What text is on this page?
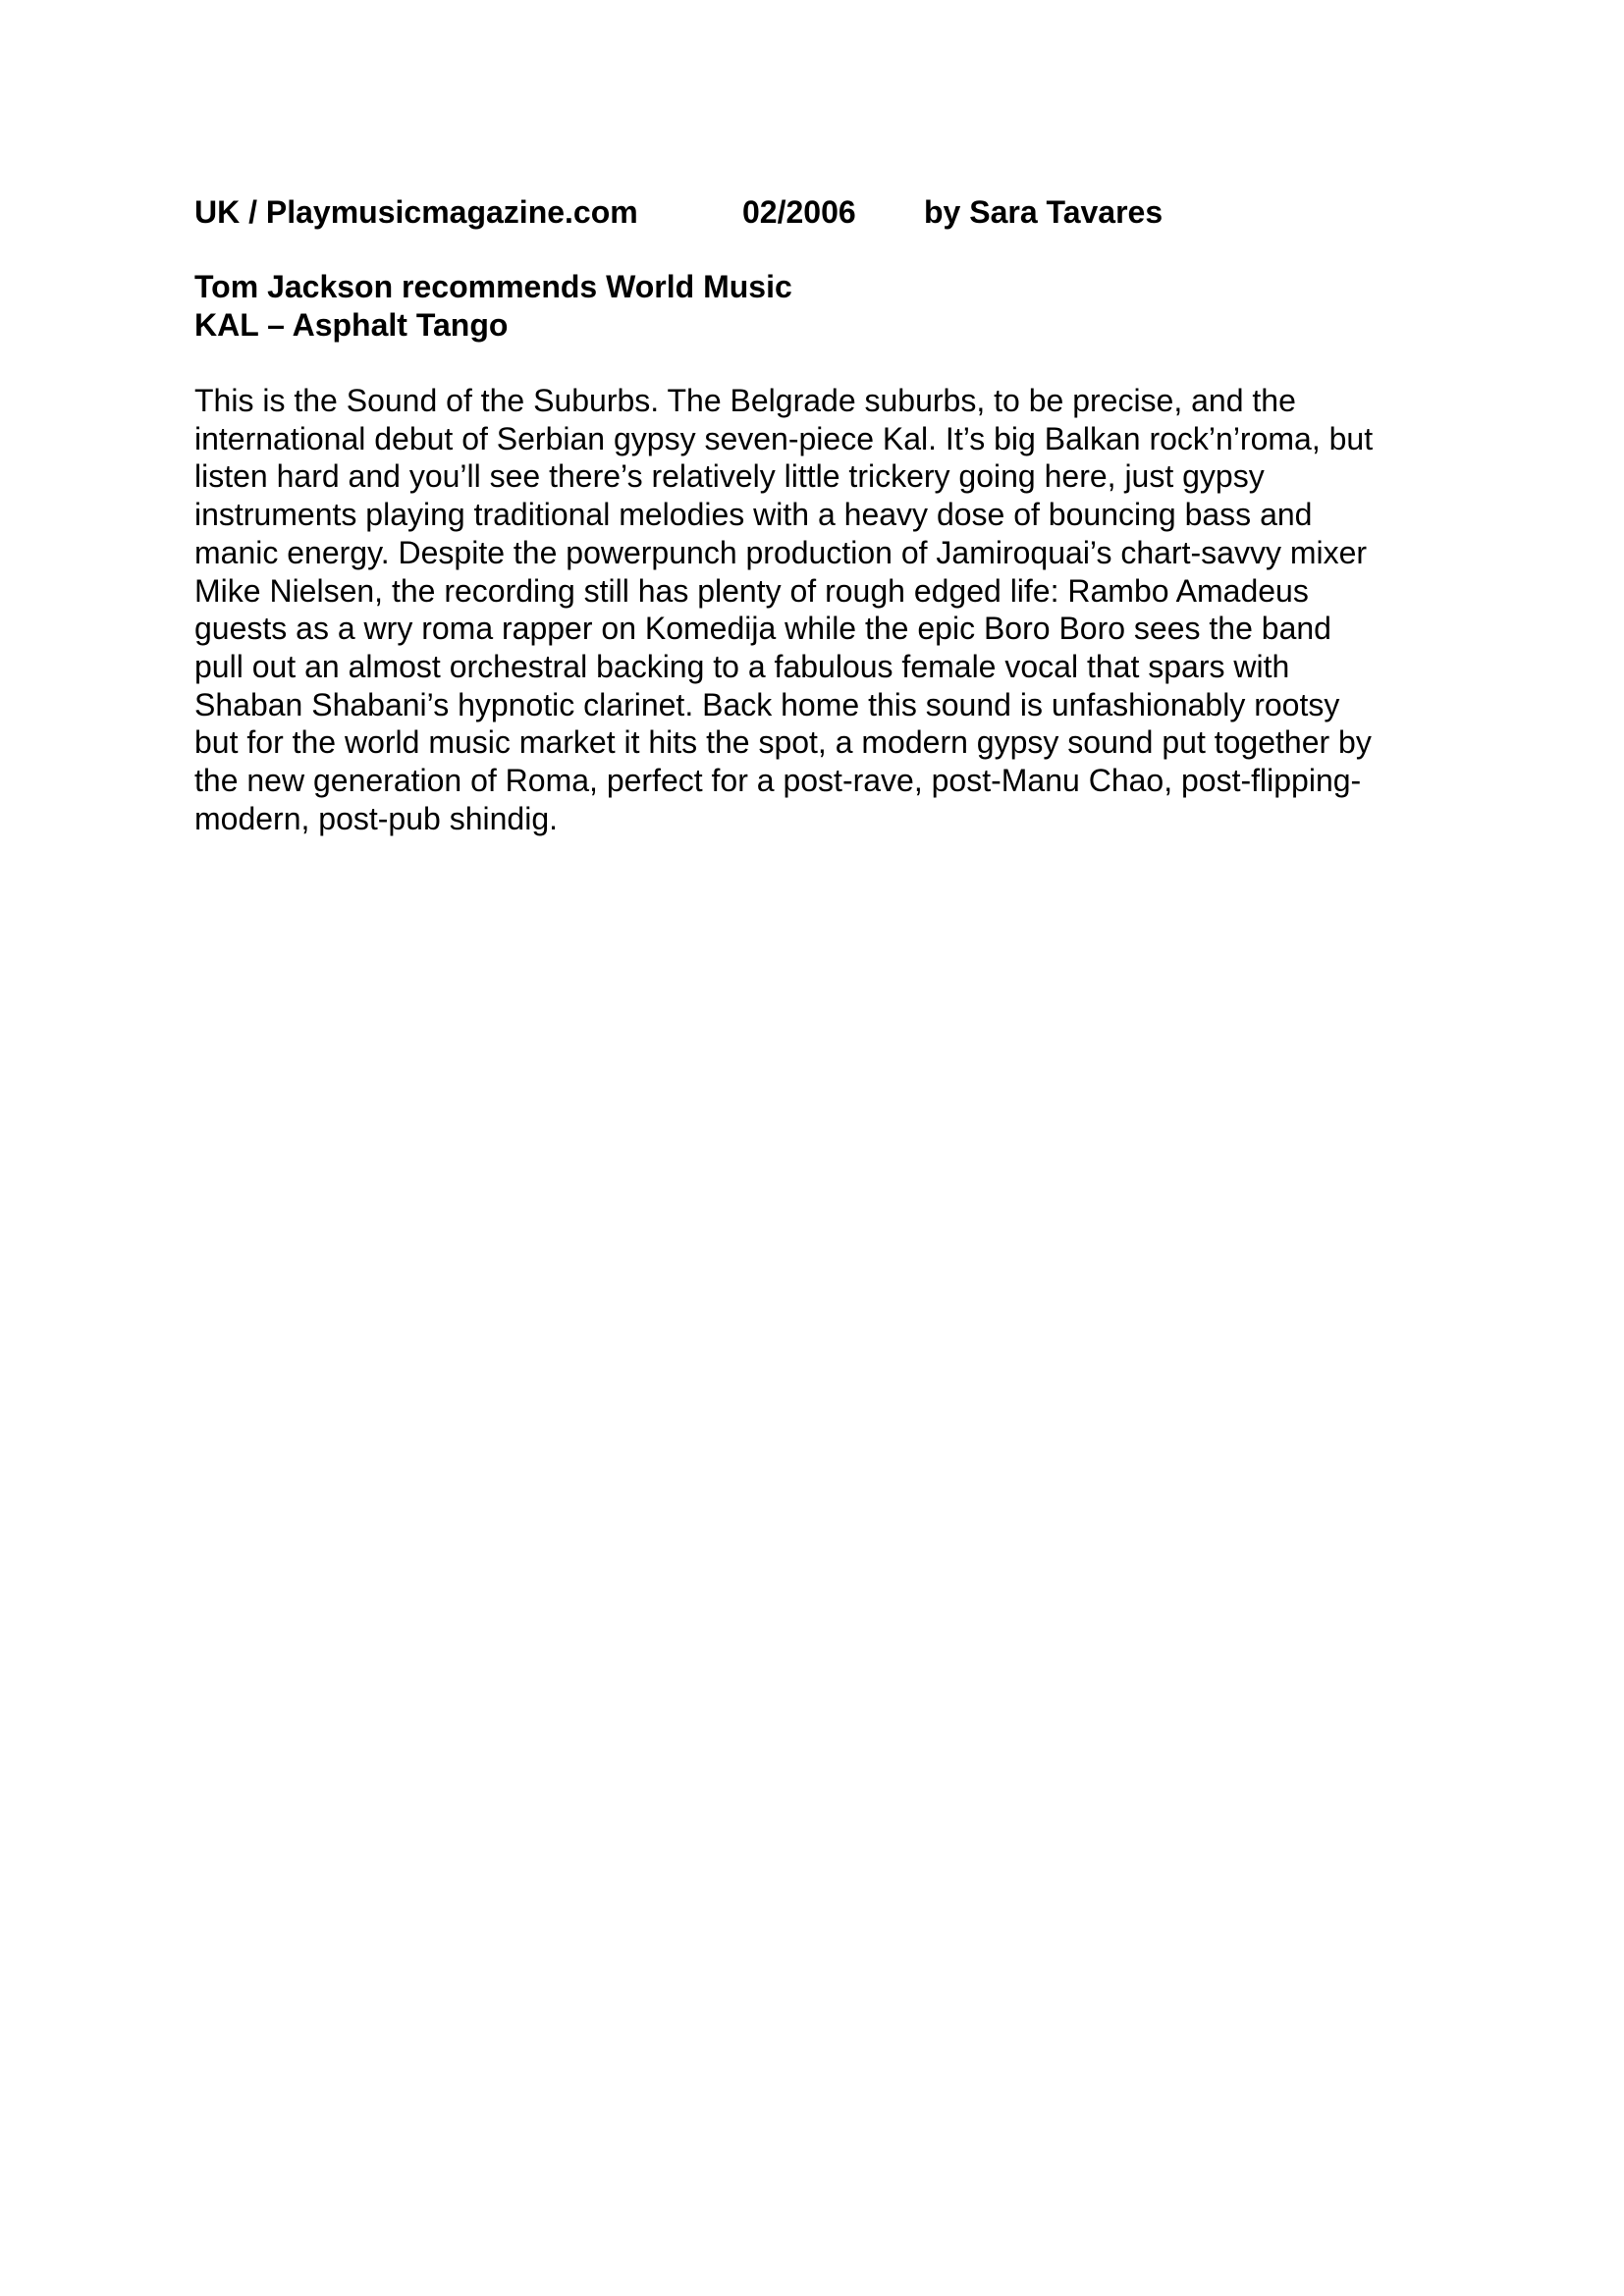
UK / Playmusicmagazine.com	02/2006 by Sara Tavares
Tom Jackson recommends World Music
KAL – Asphalt Tango
This is the Sound of the Suburbs. The Belgrade suburbs, to be precise, and the
international debut of Serbian gypsy seven-piece Kal. It’s big Balkan rock’n’roma, but
listen hard and you’ll see there’s relatively little trickery going here, just gypsy
instruments playing traditional melodies with a heavy dose of bouncing bass and
manic energy. Despite the powerpunch production of Jamiroquai’s chart-savvy mixer
Mike Nielsen, the recording still has plenty of rough edged life: Rambo Amadeus
guests as a wry roma rapper on Komedija while the epic Boro Boro sees the band
pull out an almost orchestral backing to a fabulous female vocal that spars with
Shaban Shabani’s hypnotic clarinet. Back home this sound is unfashionably rootsy
but for the world music market it hits the spot, a modern gypsy sound put together by
the new generation of Roma, perfect for a post-rave, post-Manu Chao, post-flipping-
modern, post-pub shindig.
